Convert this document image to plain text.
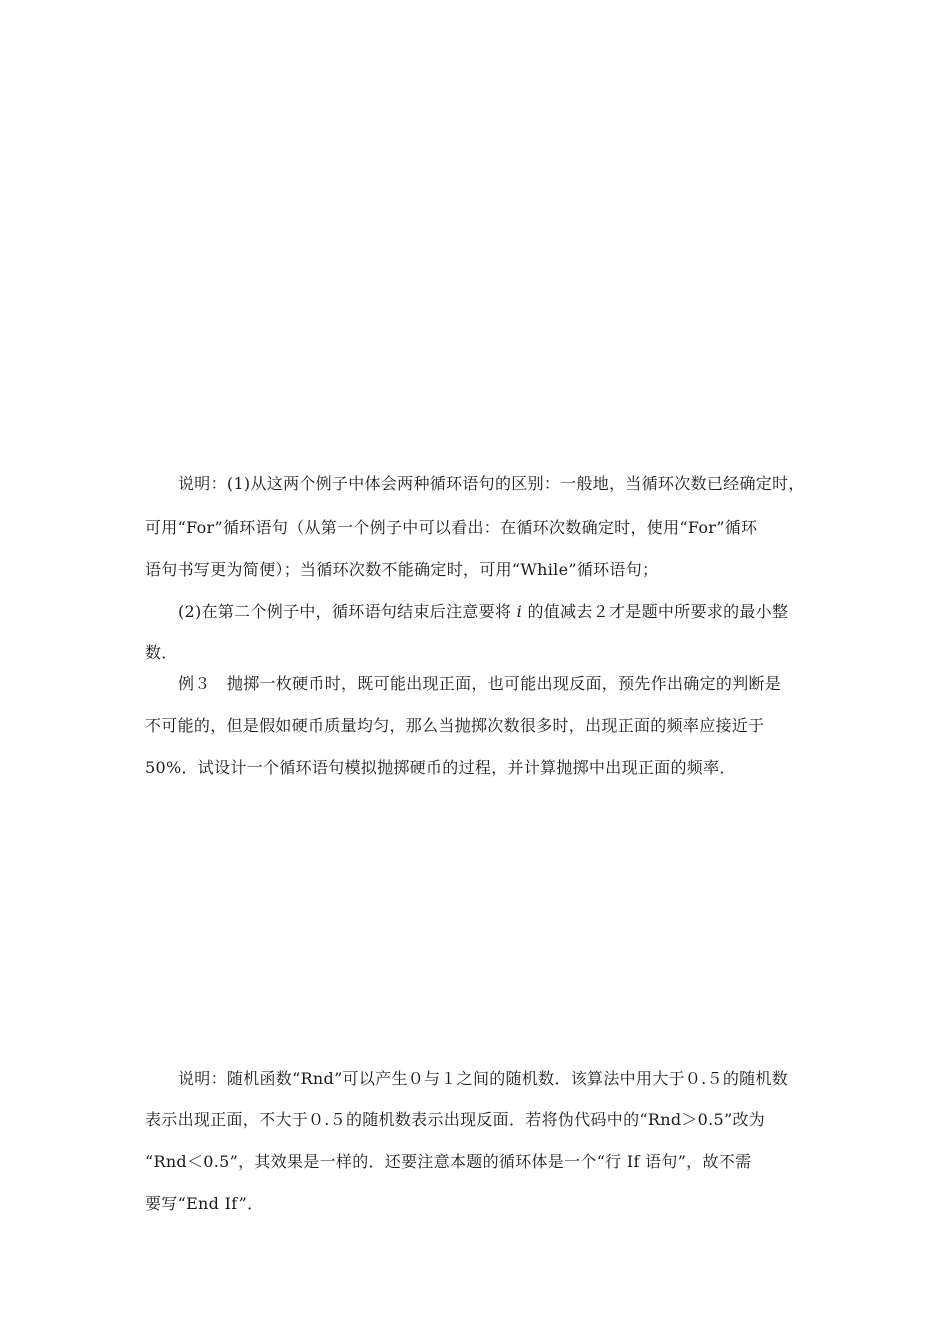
说明：(1)从这两个例子中体会两种循环语句的区别：一般地，当循环次数已经确定时，
可用“For”循环语句（从第一个例子中可以看出：在循环次数确定时，使用“For”循环
语句书写更为简便）；当循环次数不能确定时，可用“While”循环语句；
(2)在第二个例子中，循环语句结束后注意要将 i 的值减去２才是题中所要求的最小整
数．
例３　抛掷一枚硬币时，既可能出现正面，也可能出现反面，预先作出确定的判断是
不可能的，但是假如硬币质量均匀，那么当抛掷次数很多时，出现正面的频率应接近于
50%．试设计一个循环语句模拟抛掷硬币的过程，并计算抛掷中出现正面的频率．
说明：随机函数“Rnd”可以产生０与１之间的随机数．该算法中用大于０.５的随机数
表示出现正面，不大于０.５的随机数表示出现反面．若将伪代码中的“Rnd＞0.5”改为
“Rnd＜0.5”，其效果是一样的．还要注意本题的循环体是一个“行 If 语句”，故不需
要写“End If”．
